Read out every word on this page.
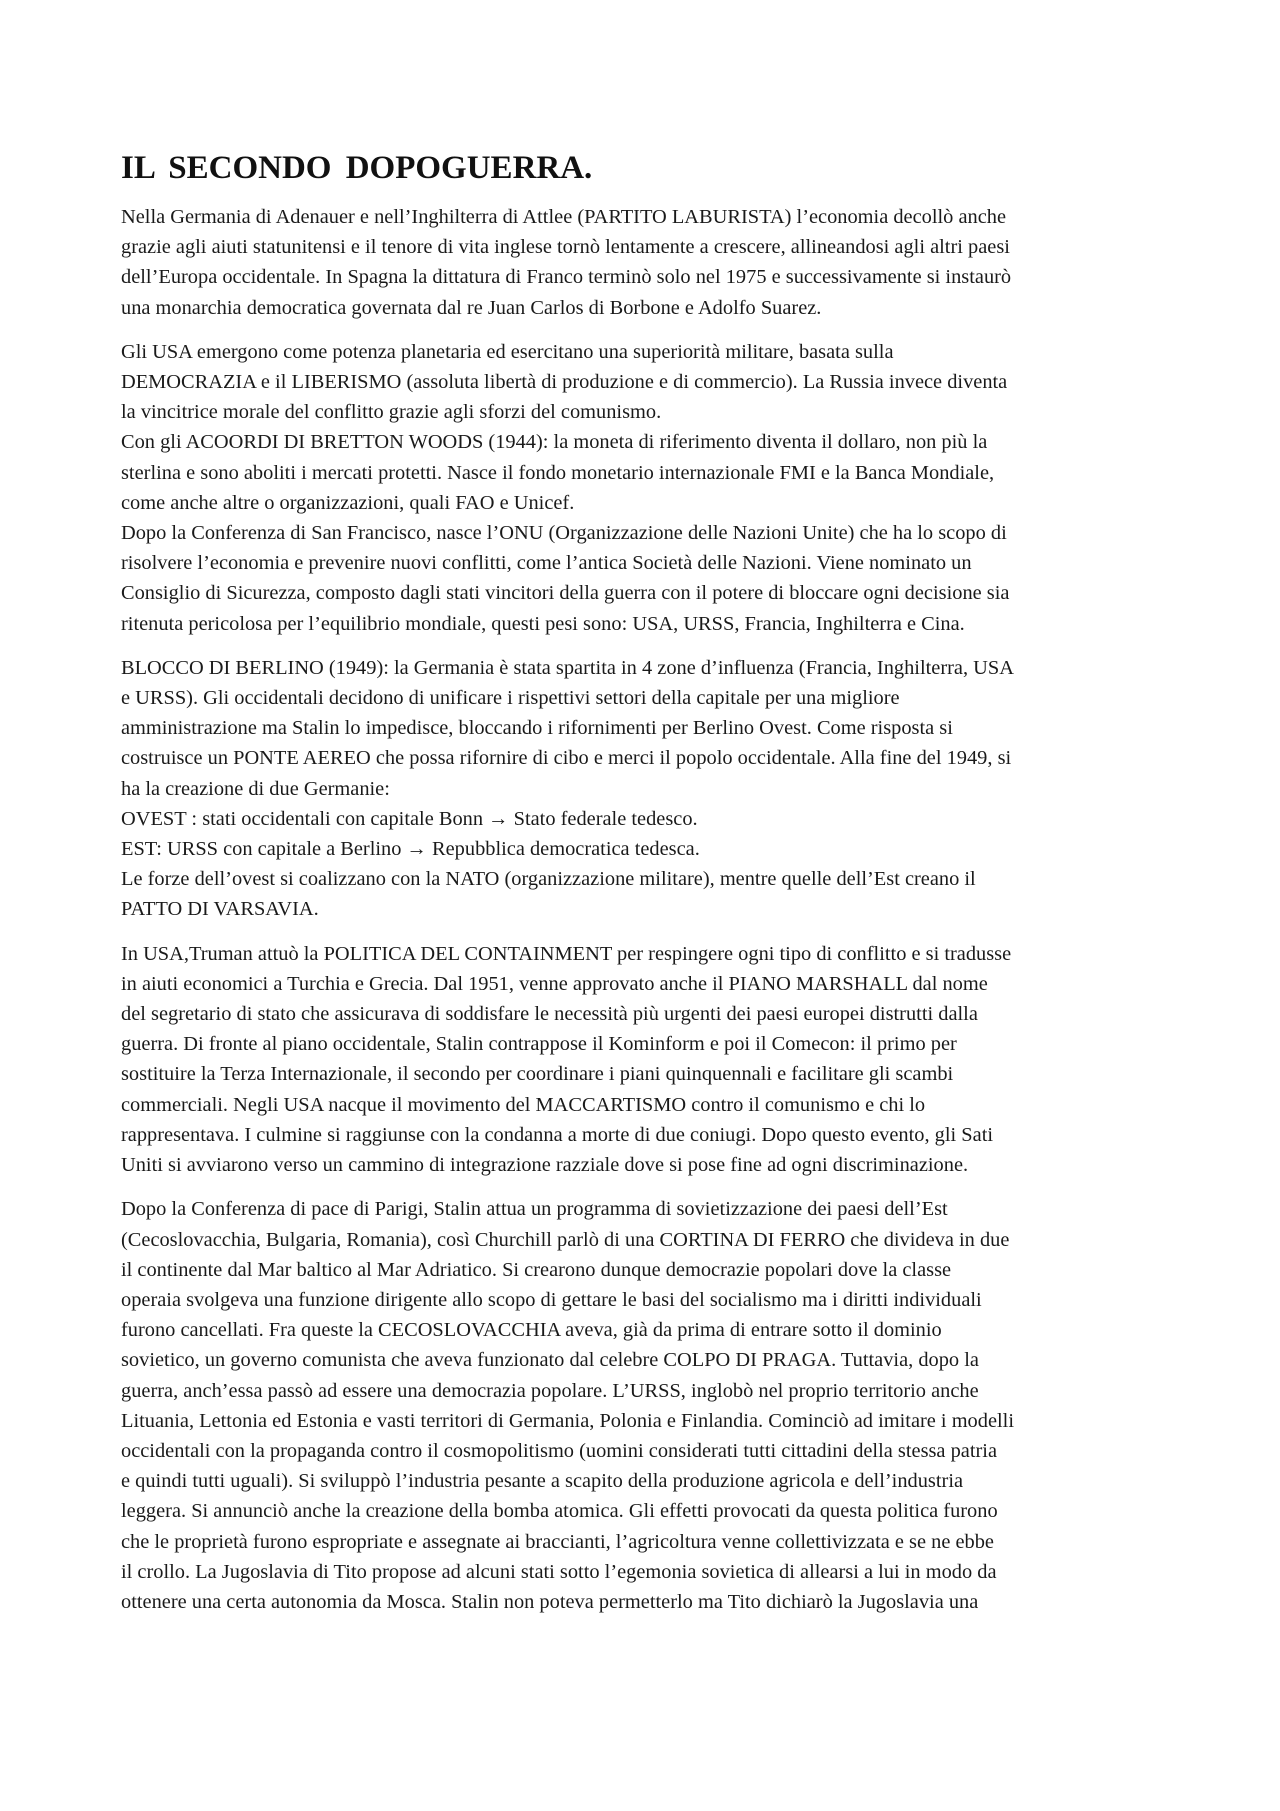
IL SECONDO DOPOGUERRA.
Nella Germania di Adenauer e nell’Inghilterra di Attlee (PARTITO LABURISTA) l’economia decollò anche
grazie agli aiuti statunitensi e il tenore di vita inglese tornò lentamente a crescere, allineandosi agli altri paesi
dell’Europa occidentale. In Spagna la dittatura di Franco terminò solo nel 1975 e successivamente si instaurò
una monarchia democratica governata dal re Juan Carlos di Borbone e Adolfo Suarez.
Gli USA emergono come potenza planetaria ed esercitano una superiorità militare, basata sulla
DEMOCRAZIA e il LIBERISMO (assoluta libertà di produzione e di commercio). La Russia invece diventa
la vincitrice morale del conflitto grazie agli sforzi del comunismo.
Con gli ACOORDI DI BRETTON WOODS (1944): la moneta di riferimento diventa il dollaro, non più la
sterlina e sono aboliti i mercati protetti. Nasce il fondo monetario internazionale FMI e la Banca Mondiale,
come anche altre o organizzazioni, quali FAO e Unicef.
Dopo la Conferenza di San Francisco, nasce l’ONU (Organizzazione delle Nazioni Unite) che ha lo scopo di
risolvere l’economia e prevenire nuovi conflitti, come l’antica Società delle Nazioni. Viene nominato un
Consiglio di Sicurezza, composto dagli stati vincitori della guerra con il potere di bloccare ogni decisione sia
ritenuta pericolosa per l’equilibrio mondiale, questi pesi sono: USA, URSS, Francia, Inghilterra e Cina.
BLOCCO DI BERLINO (1949): la Germania è stata spartita in 4 zone d’influenza (Francia, Inghilterra, USA
e URSS). Gli occidentali decidono di unificare i rispettivi settori della capitale per una migliore
amministrazione ma Stalin lo impedisce, bloccando i rifornimenti per Berlino Ovest. Come risposta si
costruisce un PONTE AEREO che possa rifornire di cibo e merci il popolo occidentale. Alla fine del 1949, si
ha la creazione di due Germanie:
OVEST : stati occidentali con capitale Bonn → Stato federale tedesco.
EST: URSS con capitale a Berlino → Repubblica democratica tedesca.
Le forze dell’ovest si coalizzano con la NATO (organizzazione militare), mentre quelle dell’Est creano il
PATTO DI VARSAVIA.
In USA,Truman attuò la POLITICA DEL CONTAINMENT per respingere ogni tipo di conflitto e si tradusse
in aiuti economici a Turchia e Grecia. Dal 1951, venne approvato anche il PIANO MARSHALL dal nome
del segretario di stato che assicurava di soddisfare le necessità più urgenti dei paesi europei distrutti dalla
guerra. Di fronte al piano occidentale, Stalin contrappose il Kominform e poi il Comecon: il primo per
sostituire la Terza Internazionale, il secondo per coordinare i piani quinquennali e facilitare gli scambi
commerciali. Negli USA nacque il movimento del MACCARTISMO contro il comunismo e chi lo
rappresentava. I culmine si raggiunse con la condanna a morte di due coniugi. Dopo questo evento, gli Sati
Uniti si avviarono verso un cammino di integrazione razziale dove si pose fine ad ogni discriminazione.
Dopo la Conferenza di pace di Parigi, Stalin attua un programma di sovietizzazione dei paesi dell’Est
(Cecoslovacchia, Bulgaria, Romania), così Churchill parlò di una CORTINA DI FERRO che divideva in due
il continente dal Mar baltico al Mar Adriatico. Si crearono dunque democrazie popolari dove la classe
operaia svolgeva una funzione dirigente allo scopo di gettare le basi del socialismo ma i diritti individuali
furono cancellati. Fra queste la CECOSLOVACCHIA aveva, già da prima di entrare sotto il dominio
sovietico, un governo comunista che aveva funzionato dal celebre COLPO DI PRAGA. Tuttavia, dopo la
guerra, anch’essa passò ad essere una democrazia popolare. L’URSS, inglobò nel proprio territorio anche
Lituania, Lettonia ed Estonia e vasti territori di Germania, Polonia e Finlandia. Cominciò ad imitare i modelli
occidentali con la propaganda contro il cosmopolitismo (uomini considerati tutti cittadini della stessa patria
e quindi tutti uguali). Si sviluppò l’industria pesante a scapito della produzione agricola e dell’industria
leggera. Si annunciò anche la creazione della bomba atomica. Gli effetti provocati da questa politica furono
che le proprietà furono espropriate e assegnate ai braccianti, l’agricoltura venne collettivizzata e se ne ebbe
il crollo. La Jugoslavia di Tito propose ad alcuni stati sotto l’egemonia sovietica di allearsi a lui in modo da
ottenere una certa autonomia da Mosca. Stalin non poteva permetterlo ma Tito dichiarò la Jugoslavia una
